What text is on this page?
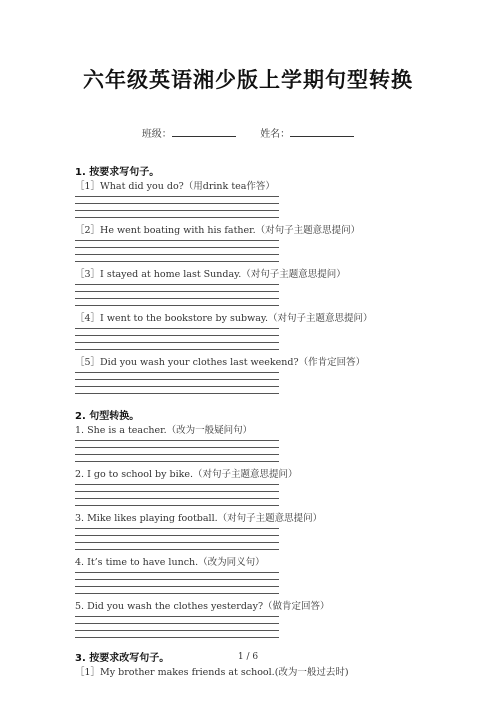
六年级英语湘少版上学期句型转换
班级：	姓名：
1. 按要求写句子。
［1］What did you do?（用drink tea作答）
［2］He went boating with his father.（对句子主题意思提问）
［3］I stayed at home last Sunday.（对句子主题意思提问）
［4］I went to the bookstore by subway.（对句子主题意思提问）
［5］Did you wash your clothes last weekend?（作肯定回答）
2. 句型转换。
1. She is a teacher.（改为一般疑问句）
2. I go to school by bike.（对句子主题意思提问）
3. Mike likes playing football.（对句子主题意思提问）
4. It’s time to have lunch.（改为同义句）
5. Did you wash the clothes yesterday?（做肯定回答）
3. 按要求改写句子。
［1］My brother makes friends at school.(改为一般过去时)
1 / 6
